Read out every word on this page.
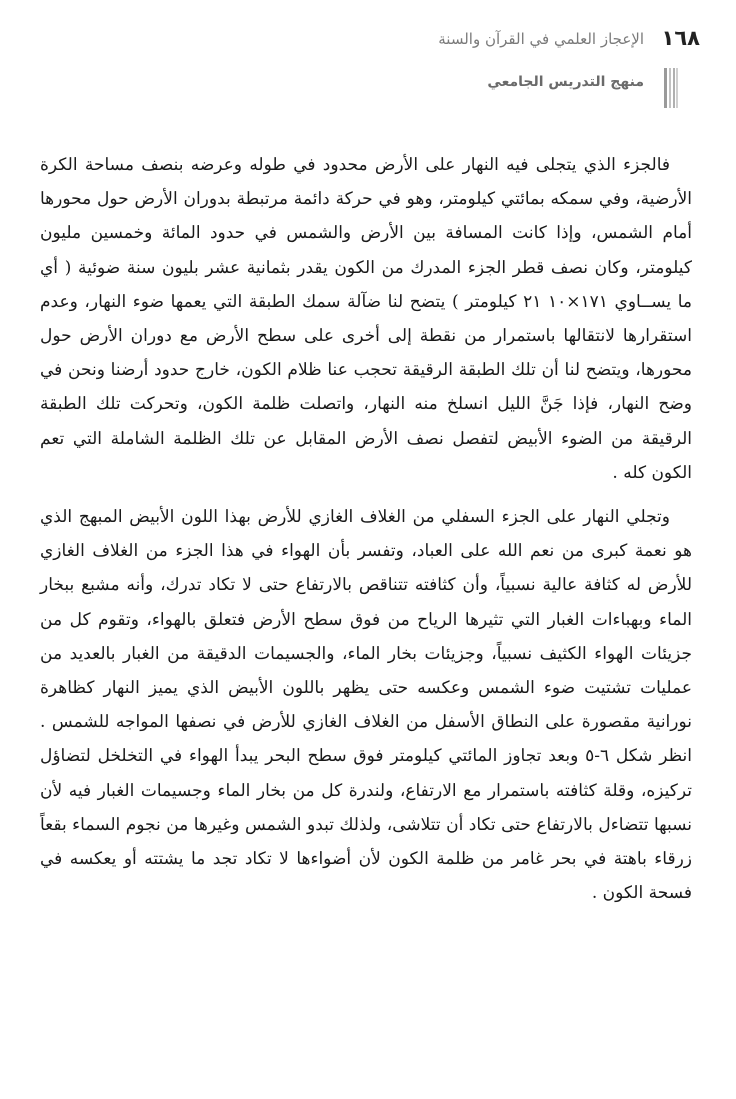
١٦٨
الإعجاز العلمي في القرآن والسنة
منهج التدريس الجامعي

فالجزء الذي يتجلى فيه النهار على الأرض محدود في طوله وعرضه بنصف مساحة الكرة الأرضية، وفي سمكه بمائتي كيلومتر، وهو في حركة دائمة مرتبطة بدوران الأرض حول محورها أمام الشمس، وإذا كانت المسافة بين الأرض والشمس في حدود المائة وخمسين مليون كيلومتر، وكان نصف قطر الجزء المدرك من الكون يقدر بثمانية عشر بليون سنة ضوئية ( أي ما يســاوي ١٧١×١٠ ٢١ كيلومتر ) يتضح لنا ضآلة سمك الطبقة التي يعمها ضوء النهار، وعدم استقرارها لانتقالها باستمرار من نقطة إلى أخرى على سطح الأرض مع دوران الأرض حول محورها، ويتضح لنا أن تلك الطبقة الرقيقة تحجب عنا ظلام الكون، خارج حدود أرضنا ونحن في وضح النهار، فإذا جَنَّ الليل انسلخ منه النهار، واتصلت ظلمة الكون، وتحركت تلك الطبقة الرقيقة من الضوء الأبيض لتفصل نصف الأرض المقابل عن تلك الظلمة الشاملة التي تعم الكون كله .

وتجلي النهار على الجزء السفلي من الغلاف الغازي للأرض بهذا اللون الأبيض المبهج الذي هو نعمة كبرى من نعم الله على العباد، وتفسر بأن الهواء في هذا الجزء من الغلاف الغازي للأرض له كثافة عالية نسبياً، وأن كثافته تتناقص بالارتفاع حتى لا تكاد تدرك، وأنه مشبع ببخار الماء وبهباءات الغبار التي تثيرها الرياح من فوق سطح الأرض فتعلق بالهواء، وتقوم كل من جزيئات الهواء الكثيف نسبياً، وجزيئات بخار الماء، والجسيمات الدقيقة من الغبار بالعديد من عمليات تشتيت ضوء الشمس وعكسه حتى يظهر باللون الأبيض الذي يميز النهار كظاهرة نورانية مقصورة على النطاق الأسفل من الغلاف الغازي للأرض في نصفها المواجه للشمس . انظر شكل ٦-٥ وبعد تجاوز المائتي كيلومتر فوق سطح البحر يبدأ الهواء في التخلخل لتضاؤل تركيزه، وقلة كثافته باستمرار مع الارتفاع، ولندرة كل من بخار الماء وجسيمات الغبار فيه لأن نسبها تتضاءل بالارتفاع حتى تكاد أن تتلاشى، ولذلك تبدو الشمس وغيرها من نجوم السماء بقعاً زرقاء باهتة في بحر غامر من ظلمة الكون لأن أضواءها لا تكاد تجد ما يشتته أو يعكسه في فسحة الكون .
